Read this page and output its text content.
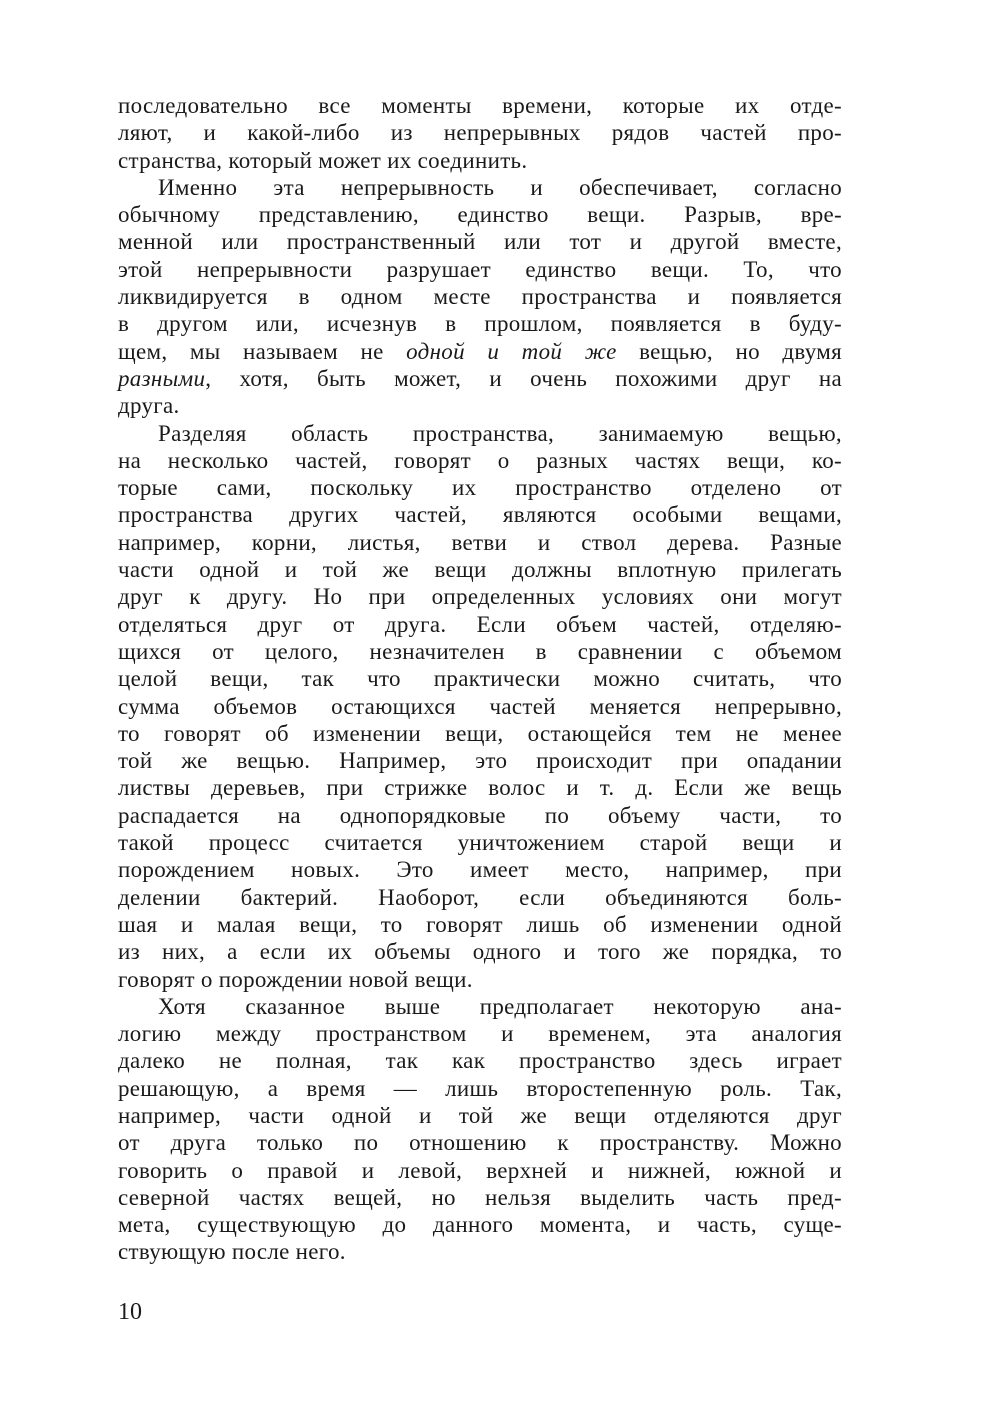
последовательно все моменты времени, которые их отде-
ляют, и какой-либо из непрерывных рядов частей про-
странства, который может их соединить.
Именно эта непрерывность и обеспечивает, согласно
обычному представлению, единство вещи. Разрыв, вре-
менной или пространственный или тот и другой вместе,
этой непрерывности разрушает единство вещи. То, что
ликвидируется в одном месте пространства и появляется
в другом или, исчезнув в прошлом, появляется в буду-
щем, мы называем не одной и той же вещью, но двумя
разными, хотя, быть может, и очень похожими друг на
друга.
Разделяя область пространства, занимаемую вещью,
на несколько частей, говорят о разных частях вещи, ко-
торые сами, поскольку их пространство отделено от
пространства других частей, являются особыми вещами,
например, корни, листья, ветви и ствол дерева. Разные
части одной и той же вещи должны вплотную прилегать
друг к другу. Но при определенных условиях они могут
отделяться друг от друга. Если объем частей, отделяю-
щихся от целого, незначителен в сравнении с объемом
целой вещи, так что практически можно считать, что
сумма объемов остающихся частей меняется непрерывно,
то говорят об изменении вещи, остающейся тем не менее
той же вещью. Например, это происходит при опадании
листвы деревьев, при стрижке волос и т. д. Если же вещь
распадается на однопорядковые по объему части, то
такой процесс считается уничтожением старой вещи и
порождением новых. Это имеет место, например, при
делении бактерий. Наоборот, если объединяются боль-
шая и малая вещи, то говорят лишь об изменении одной
из них, а если их объемы одного и того же порядка, то
говорят о порождении новой вещи.
Хотя сказанное выше предполагает некоторую ана-
логию между пространством и временем, эта аналогия
далеко не полная, так как пространство здесь играет
решающую, а время — лишь второстепенную роль. Так,
например, части одной и той же вещи отделяются друг
от друга только по отношению к пространству. Можно
говорить о правой и левой, верхней и нижней, южной и
северной частях вещей, но нельзя выделить часть пред-
мета, существующую до данного момента, и часть, суще-
ствующую после него.
10
